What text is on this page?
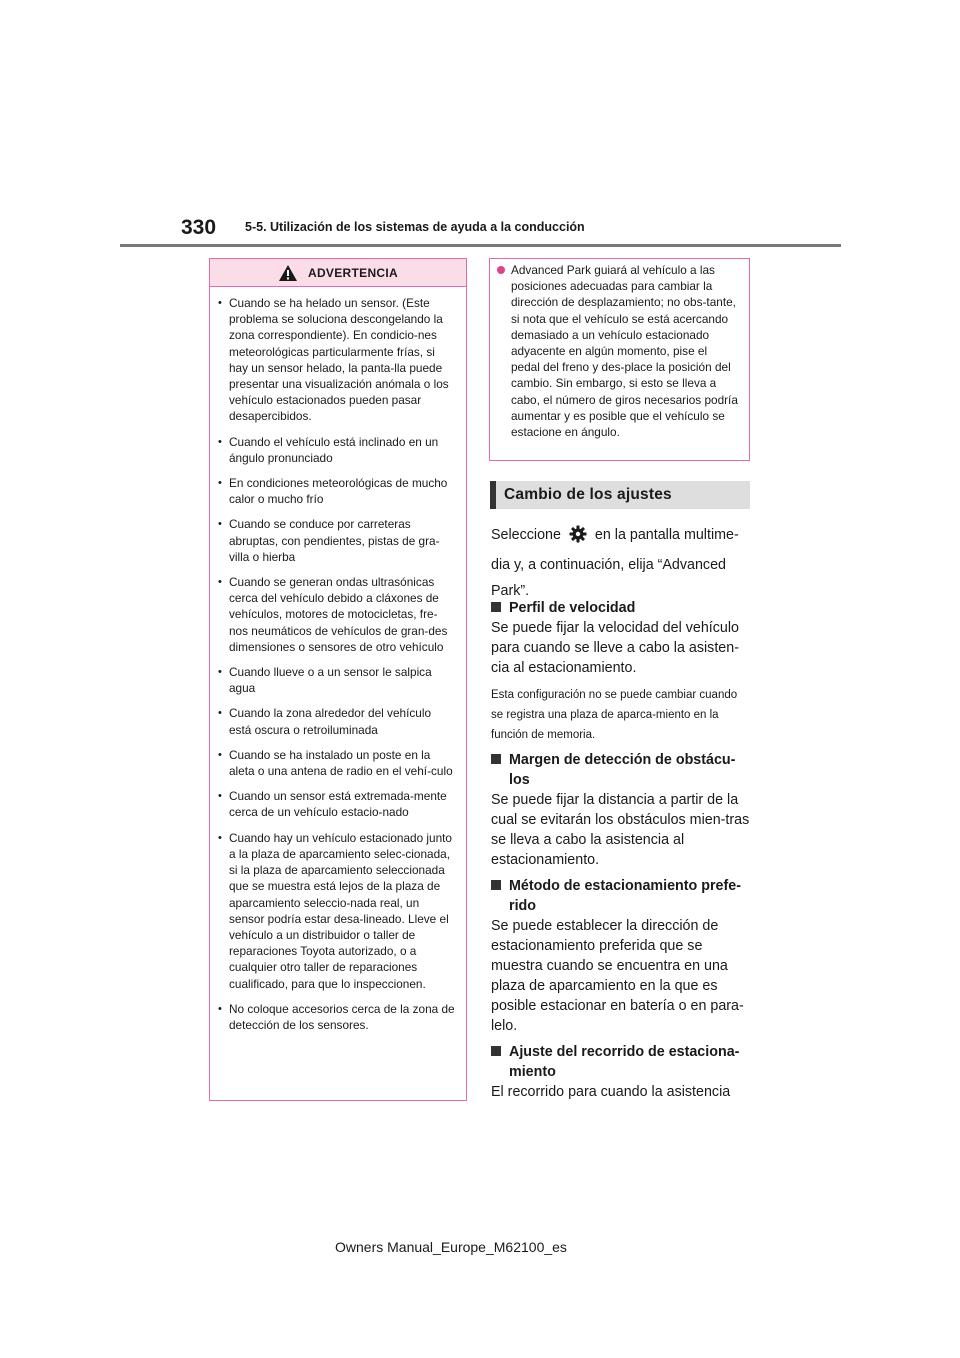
330 5-5. Utilización de los sistemas de ayuda a la conducción
ADVERTENCIA
• Cuando se ha helado un sensor. (Este problema se soluciona descongelando la zona correspondiente). En condicio-nes meteorológicas particularmente frías, si hay un sensor helado, la panta-lla puede presentar una visualización anómala o los vehículo estacionados pueden pasar desapercibidos.
• Cuando el vehículo está inclinado en un ángulo pronunciado
• En condiciones meteorológicas de mucho calor o mucho frío
• Cuando se conduce por carreteras abruptas, con pendientes, pistas de gra-villa o hierba
• Cuando se generan ondas ultrasónicas cerca del vehículo debido a cláxones de vehículos, motores de motocicletas, fre-nos neumáticos de vehículos de gran-des dimensiones o sensores de otro vehículo
• Cuando llueve o a un sensor le salpica agua
• Cuando la zona alrededor del vehículo está oscura o retroiluminada
• Cuando se ha instalado un poste en la aleta o una antena de radio en el vehí-culo
• Cuando un sensor está extremada-mente cerca de un vehículo estacio-nado
• Cuando hay un vehículo estacionado junto a la plaza de aparcamiento selec-cionada, si la plaza de aparcamiento seleccionada que se muestra está lejos de la plaza de aparcamiento seleccio-nada real, un sensor podría estar desa-lineado. Lleve el vehículo a un distribuidor o taller de reparaciones Toyota autorizado, o a cualquier otro taller de reparaciones cualificado, para que lo inspeccionen.
• No coloque accesorios cerca de la zona de detección de los sensores.

Advanced Park guiará al vehículo a las posiciones adecuadas para cambiar la dirección de desplazamiento; no obs-tante, si nota que el vehículo se está acercando demasiado a un vehículo estacionado adyacente en algún momento, pise el pedal del freno y des-place la posición del cambio. Sin embargo, si esto se lleva a cabo, el número de giros necesarios podría aumentar y es posible que el vehículo se estacione en ángulo.

Cambio de los ajustes

Seleccione en la pantalla multime-

dia y, a continuación, elija “Advanced Park”.

Perfil de velocidad

Se puede fijar la velocidad del vehículo para cuando se lleve a cabo la asisten-cia al estacionamiento.

Esta configuración no se puede cambiar cuando se registra una plaza de aparca-miento en la función de memoria.

Margen de detección de obstácu-los

Se puede fijar la distancia a partir de la cual se evitarán los obstáculos mien-tras se lleva a cabo la asistencia al estacionamiento.

Método de estacionamiento prefe-rido

Se puede establecer la dirección de estacionamiento preferida que se muestra cuando se encuentra en una plaza de aparcamiento en la que es posible estacionar en batería o en para-lelo.

Ajuste del recorrido de estaciona-miento

El recorrido para cuando la asistencia

Owners Manual_Europe_M62100_es
